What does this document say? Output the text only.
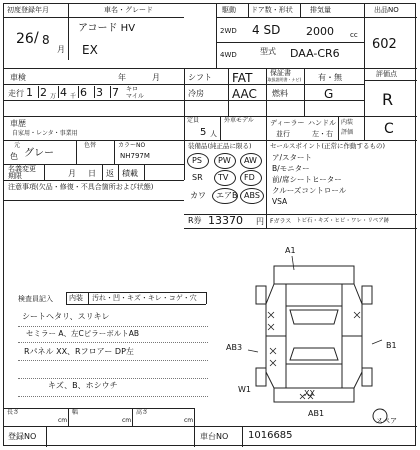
初度登録年月
26 / 8
月
車名・グレード
アコード HV
EX
駆動 ドア数・形状 排気量
2WD
4WD
4 SD 2000 cc
型式 DAA-CR6
出品NO
602
車検	年	月	シフト FAT	保証書
(取扱説明書・ナビ) 有・無	評価点
R
走行 1 2 万 4 千 6 3 7 キロ
マイル	冷房 AAC 燃料	G
車歴
自家用・レンタ・事業用
定員
5 人
外車モデル ディーラー
並行
ハンドル
左・右
内装
評価 C
元
色 グレー
色替	カラーNO
NH797M
装備品(純正品に限る)
PS PW AW
SR TV FD
カワ エアB ABS
R券 13370 円 Fガラス トビ石・キズ・ヒビ・ワレ・リペア跡
セールスポイント(正常に作動するもの)
ア/スタート
B/モニター
前/席シートヒーター
クルーズコントロール
VSA
名義変更
期限	月 日 返 積載
注意事項(欠品・修復・不具合箇所および状態)
検査員記入 内装 汚れ・凹・キズ・キレ・コゲ・穴
シートヘタリ、スリキレ
セミラー A、左CピラーボルトAB
Rパネル XX、Rフロアー DP左
キズ、B、ホシウチ
A1
AB3	B1
W1	XX
AB1
スペア
長さ
cm
幅
cm
高さ
cm
登録NO	車台NO 1016685
